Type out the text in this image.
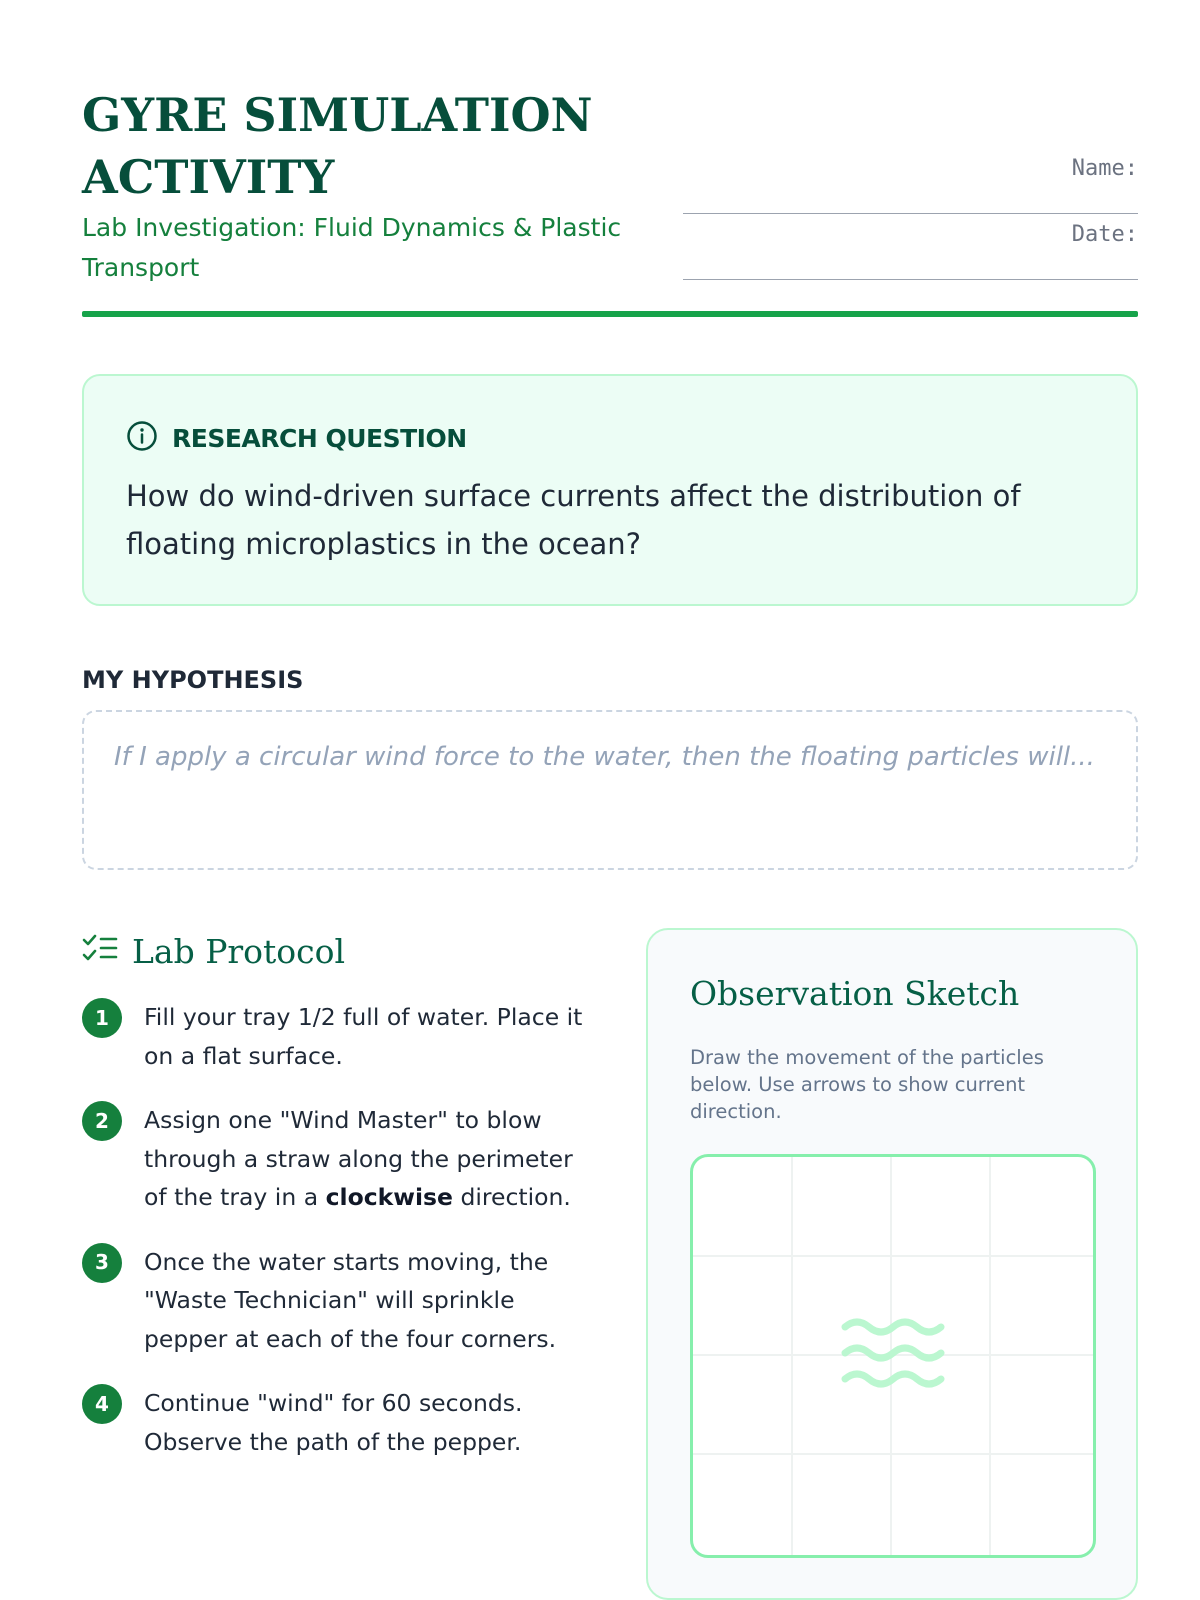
GYRE SIMULATION ACTIVITY

Lab Investigation: Fluid Dynamics & Plastic Transport

Name:
Date:
RESEARCH QUESTION

How do wind-driven surface currents affect the distribution of floating microplastics in the ocean?

MY HYPOTHESIS
If I apply a circular wind force to the water, then the floating particles will...
Lab Protocol
1	Fill your tray 1/2 full of water. Place it on a flat surface.
2	Assign one "Wind Master" to blow through a straw along the perimeter of the tray in a clockwise direction.
3	Once the water starts moving, the "Waste Technician" will sprinkle pepper at each of the four corners.
4	Continue "wind" for 60 seconds. Observe the path of the pepper.
Observation Sketch

Draw the movement of the particles below. Use arrows to show current direction.
